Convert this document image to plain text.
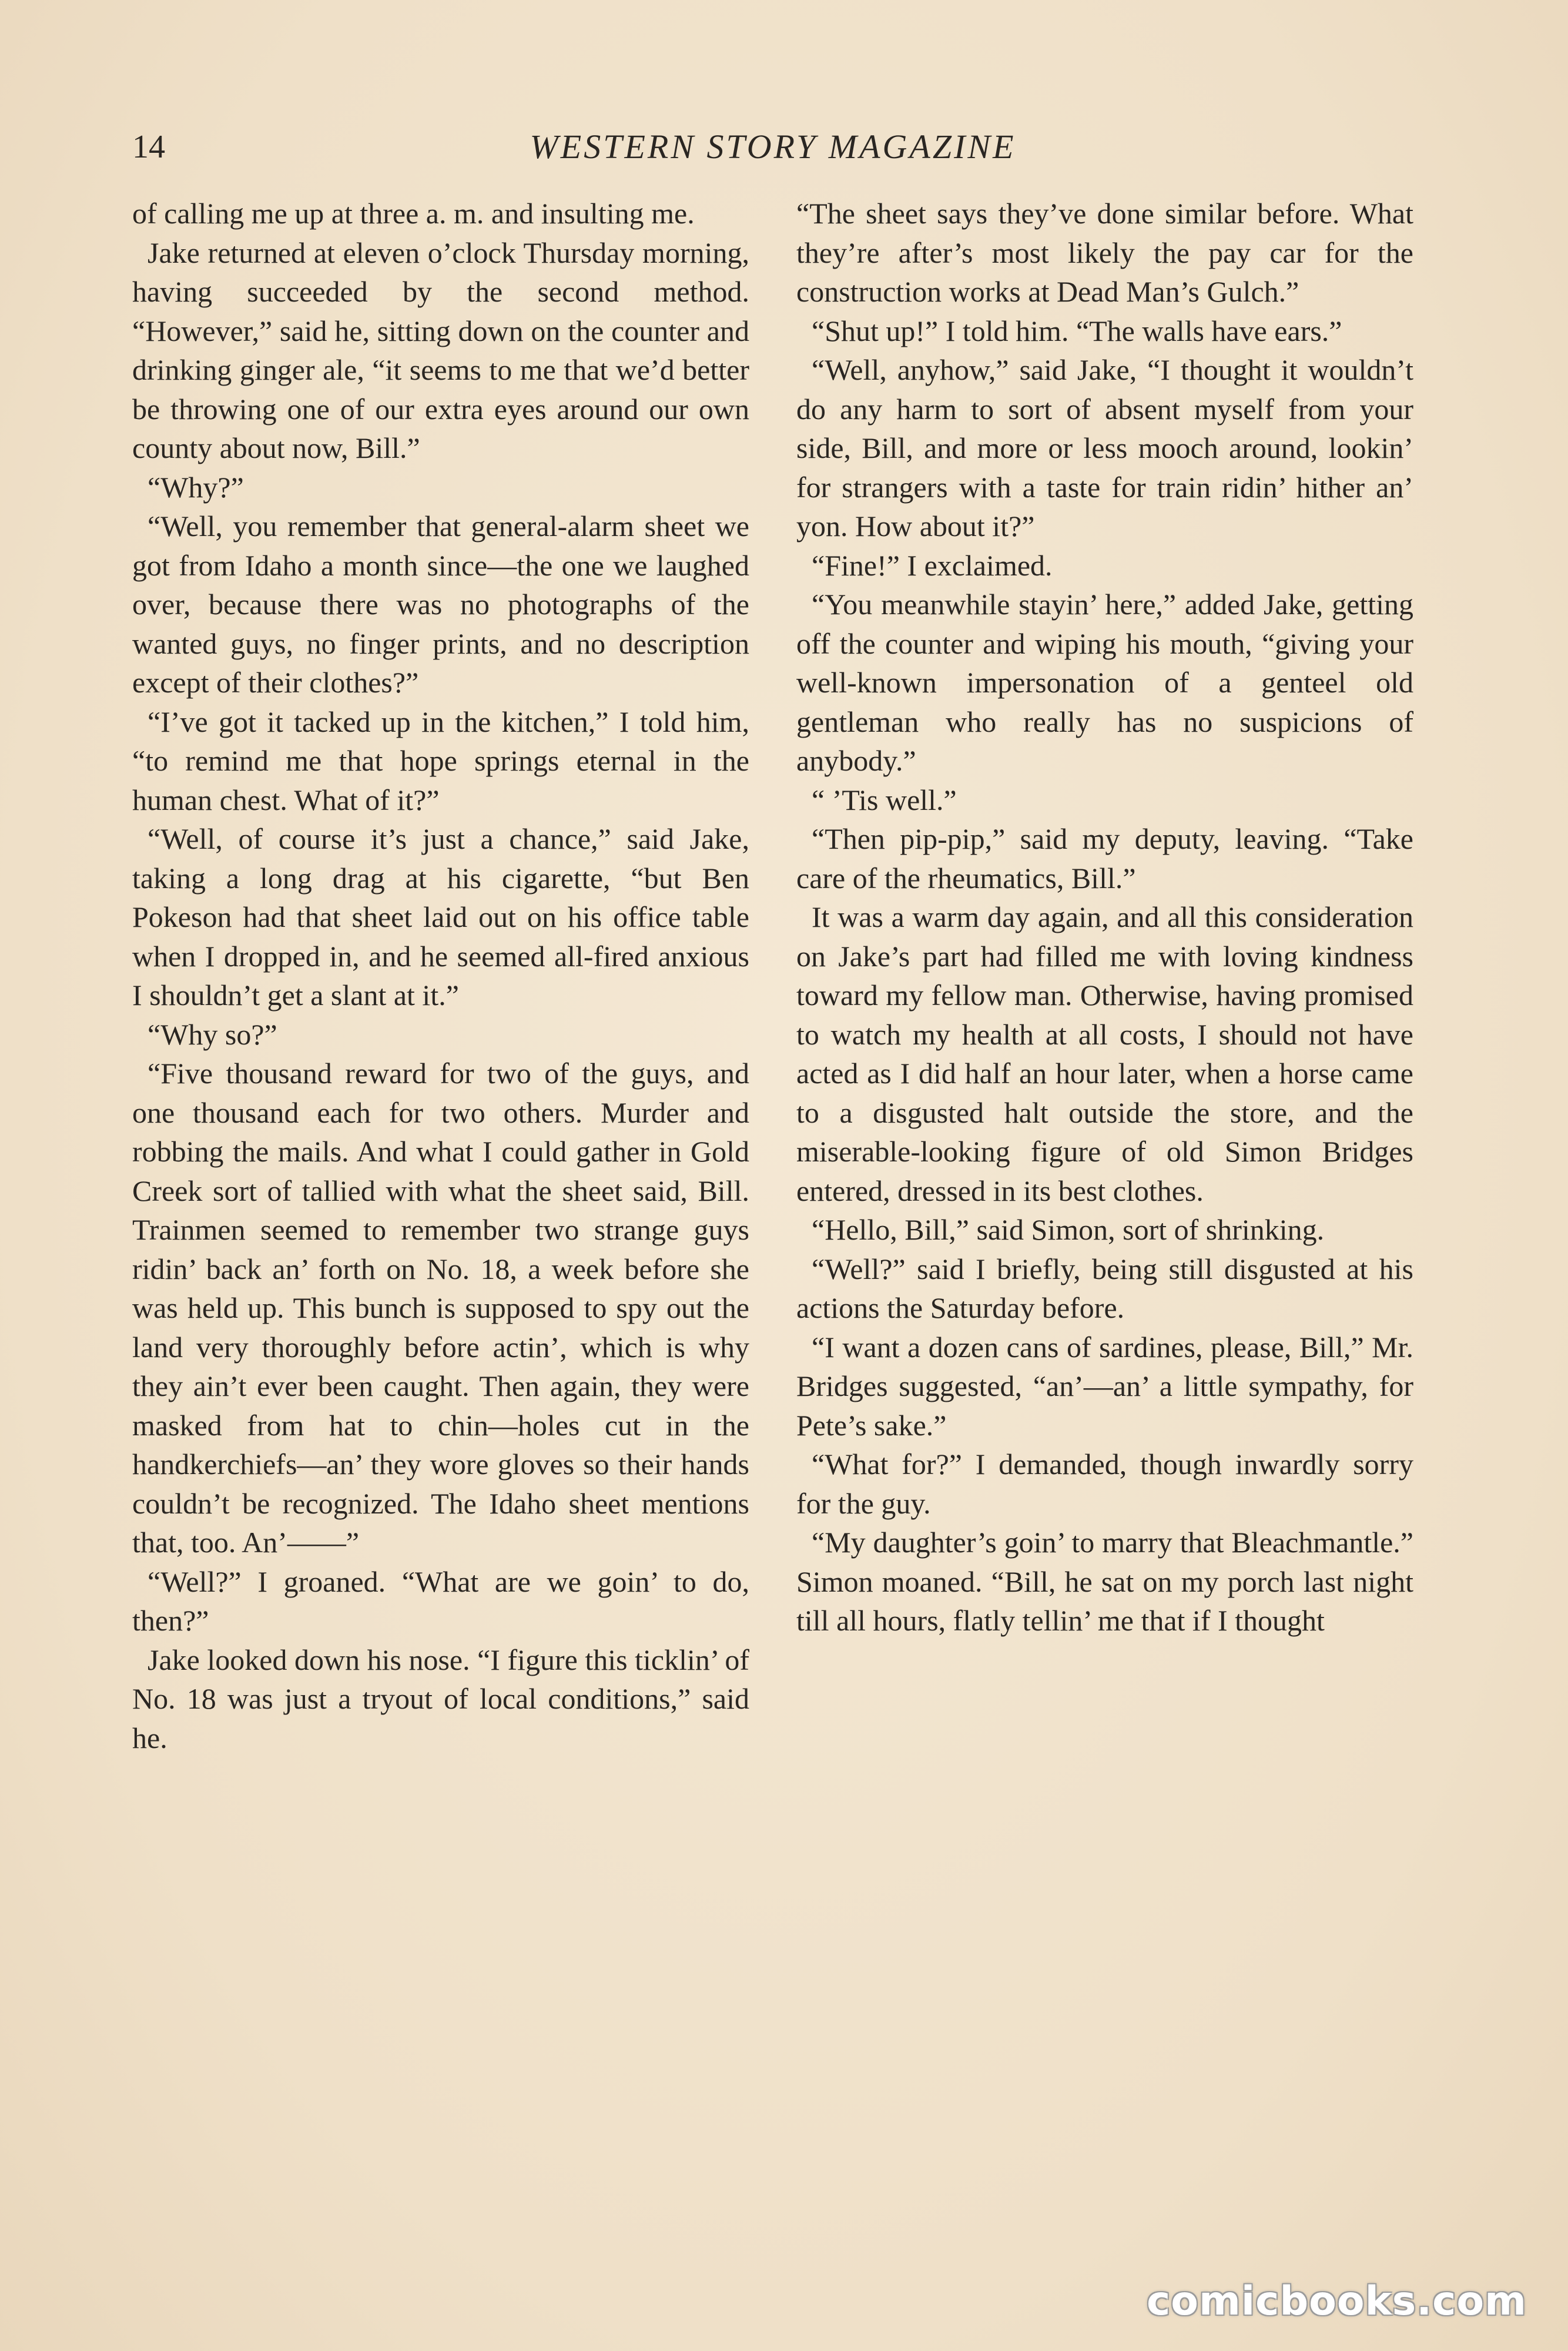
14	WESTERN STORY MAGAZINE

of calling me up at three a. m. and insulting me.

Jake returned at eleven o’clock Thursday morning, having succeeded by the second method. “However,” said he, sitting down on the counter and drinking ginger ale, “it seems to me that we’d better be throwing one of our extra eyes around our own county about now, Bill.”

“Why?”

“Well, you remember that general-alarm sheet we got from Idaho a month since—the one we laughed over, because there was no photographs of the wanted guys, no finger prints, and no description except of their clothes?”

“I’ve got it tacked up in the kitchen,” I told him, “to remind me that hope springs eternal in the human chest. What of it?”

“Well, of course it’s just a chance,” said Jake, taking a long drag at his cigarette, “but Ben Pokeson had that sheet laid out on his office table when I dropped in, and he seemed all-fired anxious I shouldn’t get a slant at it.”

“Why so?”

“Five thousand reward for two of the guys, and one thousand each for two others. Murder and robbing the mails. And what I could gather in Gold Creek sort of tallied with what the sheet said, Bill. Trainmen seemed to remember two strange guys ridin’ back an’ forth on No. 18, a week before she was held up. This bunch is supposed to spy out the land very thoroughly before actin’, which is why they ain’t ever been caught. Then again, they were masked from hat to chin—holes cut in the handkerchiefs—an’ they wore gloves so their hands couldn’t be recognized. The Idaho sheet mentions that, too. An’——”

“Well?” I groaned. “What are we goin’ to do, then?”

Jake looked down his nose. “I figure this ticklin’ of No. 18 was just a tryout of local conditions,” said he.

“The sheet says they’ve done similar before. What they’re after’s most likely the pay car for the construction works at Dead Man’s Gulch.”

“Shut up!” I told him. “The walls have ears.”

“Well, anyhow,” said Jake, “I thought it wouldn’t do any harm to sort of absent myself from your side, Bill, and more or less mooch around, lookin’ for strangers with a taste for train ridin’ hither an’ yon. How about it?”

“Fine!” I exclaimed.

“You meanwhile stayin’ here,” added Jake, getting off the counter and wiping his mouth, “giving your well-known impersonation of a genteel old gentleman who really has no suspicions of anybody.”

“ ’Tis well.”

“Then pip-pip,” said my deputy, leaving. “Take care of the rheumatics, Bill.”

It was a warm day again, and all this consideration on Jake’s part had filled me with loving kindness toward my fellow man. Otherwise, having promised to watch my health at all costs, I should not have acted as I did half an hour later, when a horse came to a disgusted halt outside the store, and the miserable-looking figure of old Simon Bridges entered, dressed in its best clothes.

“Hello, Bill,” said Simon, sort of shrinking.

“Well?” said I briefly, being still disgusted at his actions the Saturday before.

“I want a dozen cans of sardines, please, Bill,” Mr. Bridges suggested, “an’—an’ a little sympathy, for Pete’s sake.”

“What for?” I demanded, though inwardly sorry for the guy.

“My daughter’s goin’ to marry that Bleachmantle.” Simon moaned. “Bill, he sat on my porch last night till all hours, flatly tellin’ me that if I thought

comicbooks.com
